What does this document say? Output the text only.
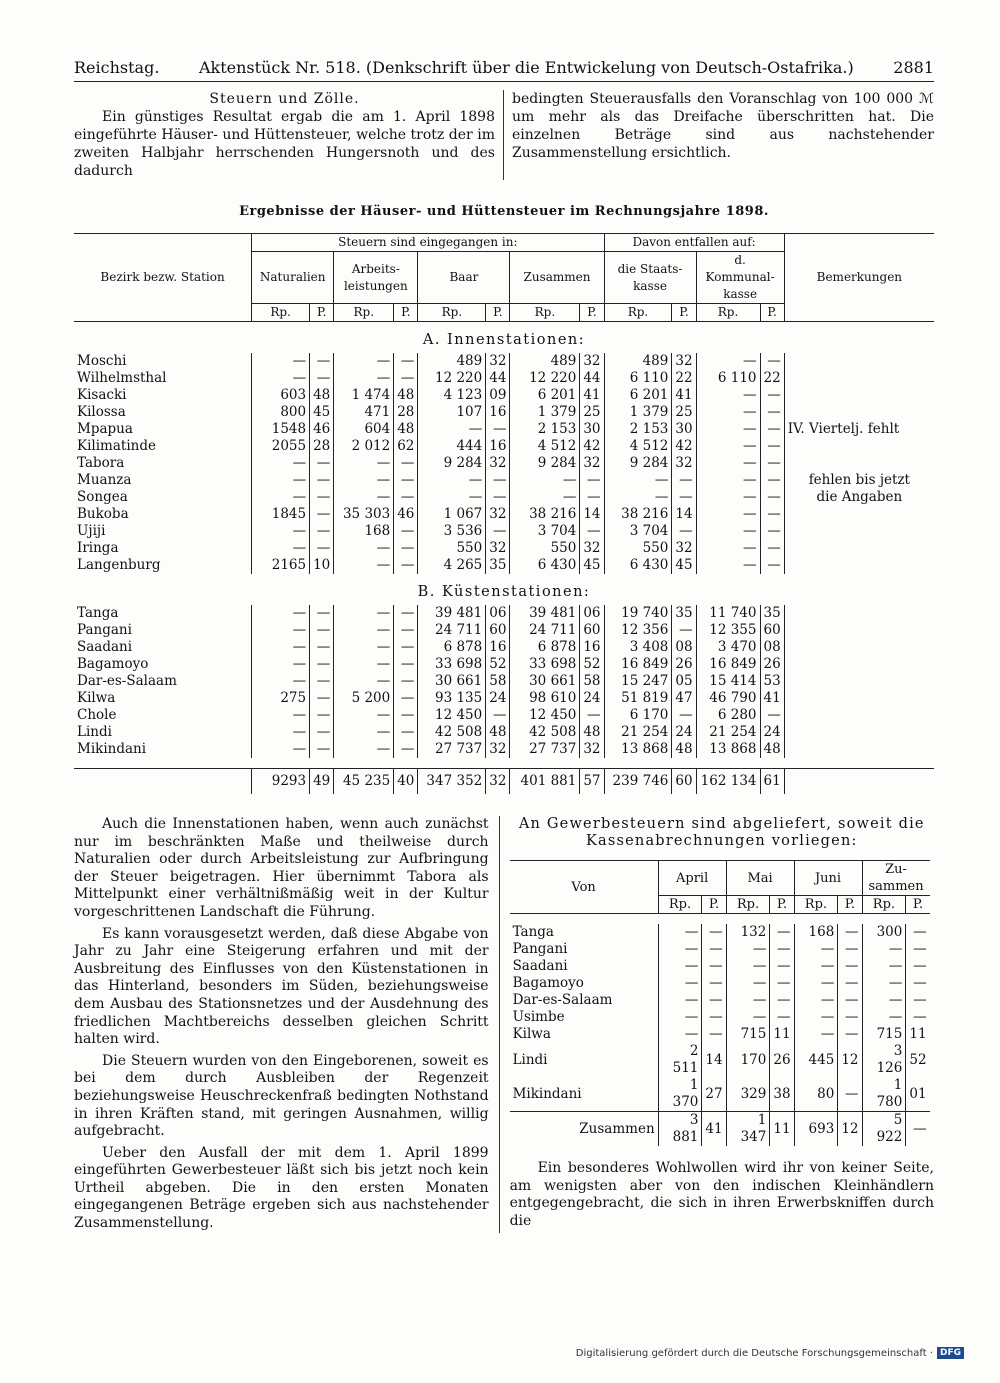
Reichstag. Aktenstück Nr. 518. (Denkschrift über die Entwickelung von Deutsch-Ostafrika.) 2881
Steuern und Zölle.

Ein günstiges Resultat ergab die am 1. April 1898 eingeführte Häuser- und Hüttensteuer, welche trotz der im zweiten Halbjahr herrschenden Hungersnoth und des dadurch

bedingten Steuerausfalls den Voranschlag von 100 000 ℳ um mehr als das Dreifache überschritten hat. Die einzelnen Beträge sind aus nachstehender Zusammenstellung ersichtlich.

Ergebnisse der Häuser- und Hüttensteuer im Rechnungsjahre 1898.
Bezirk bezw. Station	Steuern sind eingegangen in:								Davon entfallen auf:				Bemerkungen
	Naturalien		Arbeits-leistungen		Baar		Zusammen		die Staats-kasse		d. Kommunal-kasse		
	Rp.	P.	Rp.	P.	Rp.	P.	Rp.	P.	Rp.	P.	Rp.	P.	
A. Innenstationen:													
Moschi	—	—	—	—	489	32	489	32	489	32	—	—	
Wilhelmsthal	—	—	—	—	12 220	44	12 220	44	6 110	22	6 110	22	
Kisacki	603	48	1 474	48	4 123	09	6 201	41	6 201	41	—	—	
Kilossa	800	45	471	28	107	16	1 379	25	1 379	25	—	—	
Mpapua	1548	46	604	48	—	—	2 153	30	2 153	30	—	—	IV. Viertelj. fehlt
Kilimatinde	2055	28	2 012	62	444	16	4 512	42	4 512	42	—	—	
Tabora	—	—	—	—	9 284	32	9 284	32	9 284	32	—	—	
Muanza	—	—	—	—	—	—	—	—	—	—	—	—	fehlen bis jetzt
Songea	—	—	—	—	—	—	—	—	—	—	—	—	die Angaben
Bukoba	1845	—	35 303	46	1 067	32	38 216	14	38 216	14	—	—	
Ujiji	—	—	168	—	3 536	—	3 704	—	3 704	—	—	—	
Iringa	—	—	—	—	550	32	550	32	550	32	—	—	
Langenburg	2165	10	—	—	4 265	35	6 430	45	6 430	45	—	—	
B. Küstenstationen:													
Tanga	—	—	—	—	39 481	06	39 481	06	19 740	35	11 740	35	
Pangani	—	—	—	—	24 711	60	24 711	60	12 356	—	12 355	60	
Saadani	—	—	—	—	6 878	16	6 878	16	3 408	08	3 470	08	
Bagamoyo	—	—	—	—	33 698	52	33 698	52	16 849	26	16 849	26	
Dar-es-Salaam	—	—	—	—	30 661	58	30 661	58	15 247	05	15 414	53	
Kilwa	275	—	5 200	—	93 135	24	98 610	24	51 819	47	46 790	41	
Chole	—	—	—	—	12 450	—	12 450	—	6 170	—	6 280	—	
Lindi	—	—	—	—	42 508	48	42 508	48	21 254	24	21 254	24	
Mikindani	—	—	—	—	27 737	32	27 737	32	13 868	48	13 868	48	

	9293	49	45 235	40	347 352	32	401 881	57	239 746	60	162 134	61	

Auch die Innenstationen haben, wenn auch zunächst nur im beschränkten Maße und theilweise durch Naturalien oder durch Arbeitsleistung zur Aufbringung der Steuer beigetragen. Hier übernimmt Tabora als Mittelpunkt einer verhältnißmäßig weit in der Kultur vorgeschrittenen Landschaft die Führung.

Es kann vorausgesetzt werden, daß diese Abgabe von Jahr zu Jahr eine Steigerung erfahren und mit der Ausbreitung des Einflusses von den Küstenstationen in das Hinterland, besonders im Süden, beziehungsweise dem Ausbau des Stationsnetzes und der Ausdehnung des friedlichen Machtbereichs desselben gleichen Schritt halten wird.

Die Steuern wurden von den Eingeborenen, soweit es bei dem durch Ausbleiben der Regenzeit beziehungsweise Heuschreckenfraß bedingten Nothstand in ihren Kräften stand, mit geringen Ausnahmen, willig aufgebracht.

Ueber den Ausfall der mit dem 1. April 1899 eingeführten Gewerbesteuer läßt sich bis jetzt noch kein Urtheil abgeben. Die in den ersten Monaten eingegangenen Beträge ergeben sich aus nachstehender Zusammenstellung.

An Gewerbesteuern sind abgeliefert, soweit die Kassenabrechnungen vorliegen:
Von	April		Mai		Juni		Zu-sammen	
	Rp.	P.	Rp.	P.	Rp.	P.	Rp.	P.

Tanga	—	—	132	—	168	—	300	—
Pangani	—	—	—	—	—	—	—	—
Saadani	—	—	—	—	—	—	—	—
Bagamoyo	—	—	—	—	—	—	—	—
Dar-es-Salaam	—	—	—	—	—	—	—	—
Usimbe	—	—	—	—	—	—	—	—
Kilwa	—	—	715	11	—	—	715	11
Lindi	2 511	14	170	26	445	12	3 126	52
Mikindani	1 370	27	329	38	80	—	1 780	01
Zusammen	3 881	41	1 347	11	693	12	5 922	—

Ein besonderes Wohlwollen wird ihr von keiner Seite, am wenigsten aber von den indischen Kleinhändlern entgegengebracht, die sich in ihren Erwerbskniffen durch die

Digitalisierung gefördert durch die Deutsche Forschungsgemeinschaft · DFG
